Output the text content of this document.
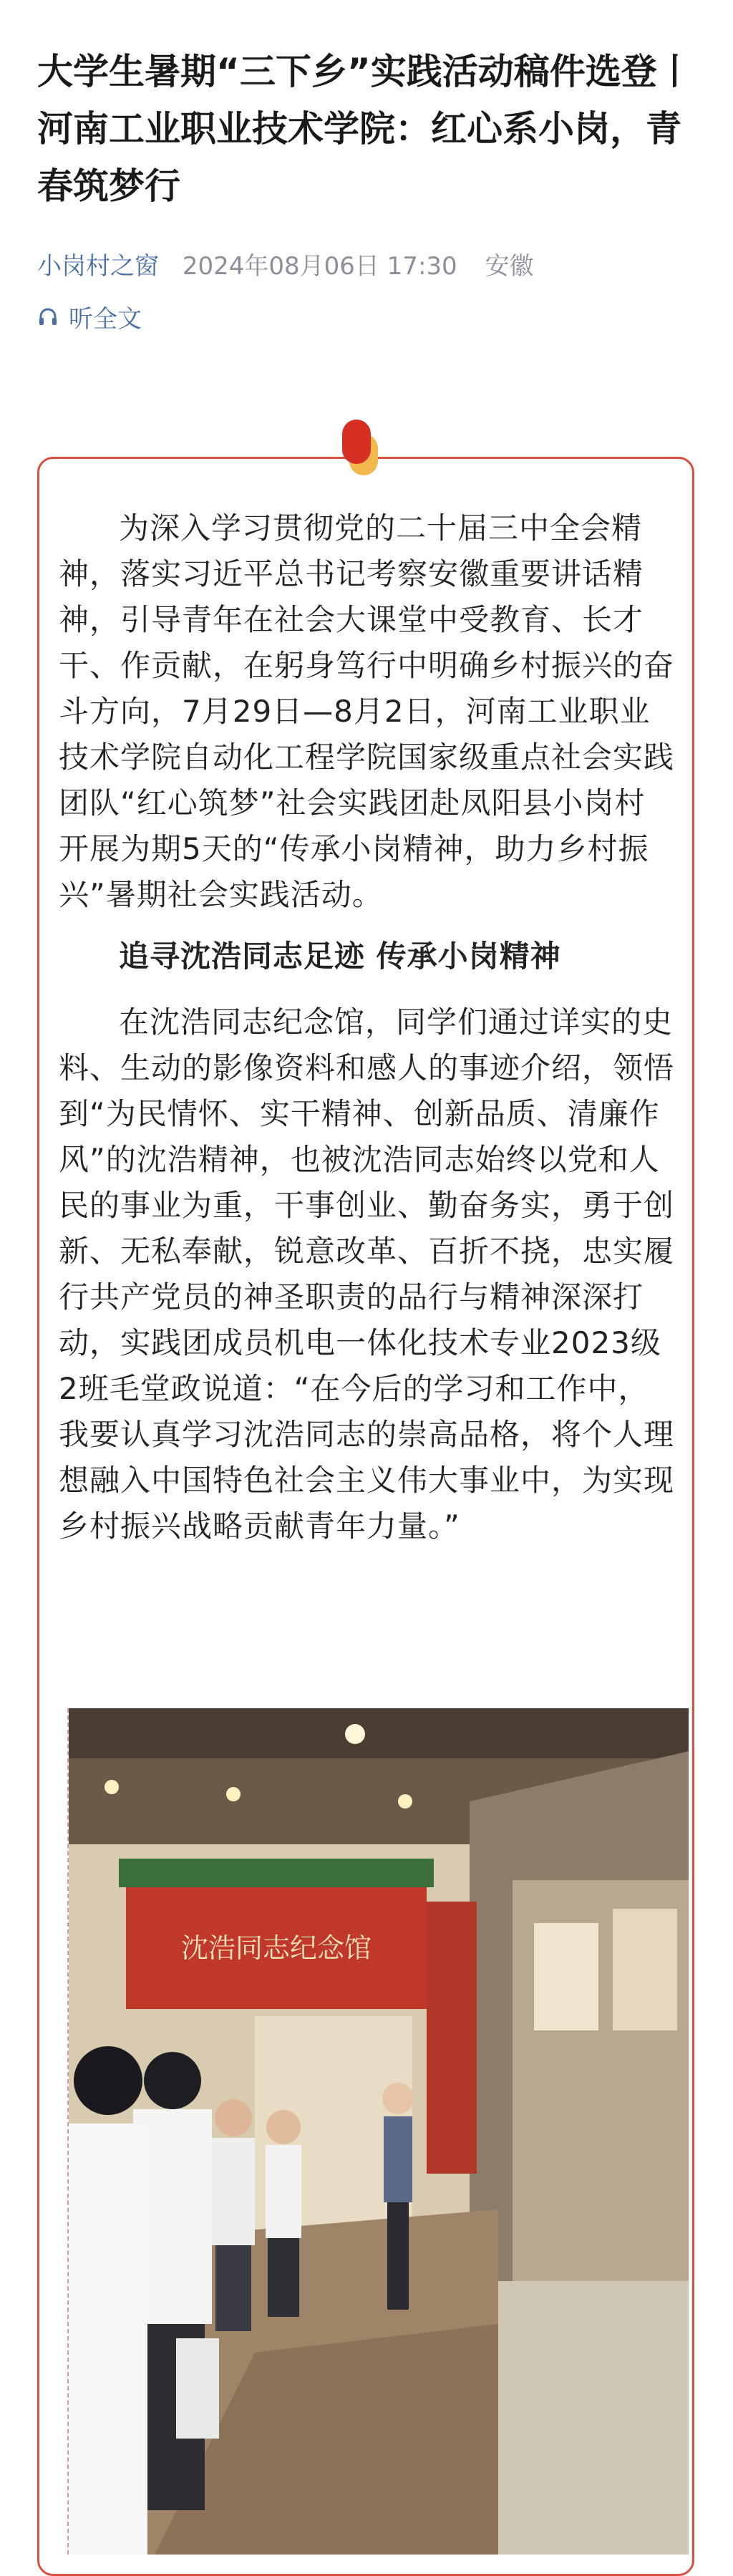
大学生暑期“三下乡”实践活动稿件选登丨河南工业职业技术学院：红心系小岗，青春筑梦行
小岗村之窗 2024年08月06日 17:30 安徽
听全文

为深入学习贯彻党的二十届三中全会精神，落实习近平总书记考察安徽重要讲话精神，引导青年在社会大课堂中受教育、长才干、作贡献，在躬身笃行中明确乡村振兴的奋斗方向，7月29日—8月2日，河南工业职业技术学院自动化工程学院国家级重点社会实践团队“红心筑梦”社会实践团赴凤阳县小岗村开展为期5天的“传承小岗精神，助力乡村振兴”暑期社会实践活动。

追寻沈浩同志足迹 传承小岗精神

在沈浩同志纪念馆，同学们通过详实的史料、生动的影像资料和感人的事迹介绍，领悟到“为民情怀、实干精神、创新品质、清廉作风”的沈浩精神，也被沈浩同志始终以党和人民的事业为重，干事创业、勤奋务实，勇于创新、无私奉献，锐意改革、百折不挠，忠实履行共产党员的神圣职责的品行与精神深深打动，实践团成员机电一体化技术专业2023级2班毛堂政说道：“在今后的学习和工作中，我要认真学习沈浩同志的崇高品格，将个人理想融入中国特色社会主义伟大事业中，为实现乡村振兴战略贡献青年力量。”

沈浩同志纪念馆
